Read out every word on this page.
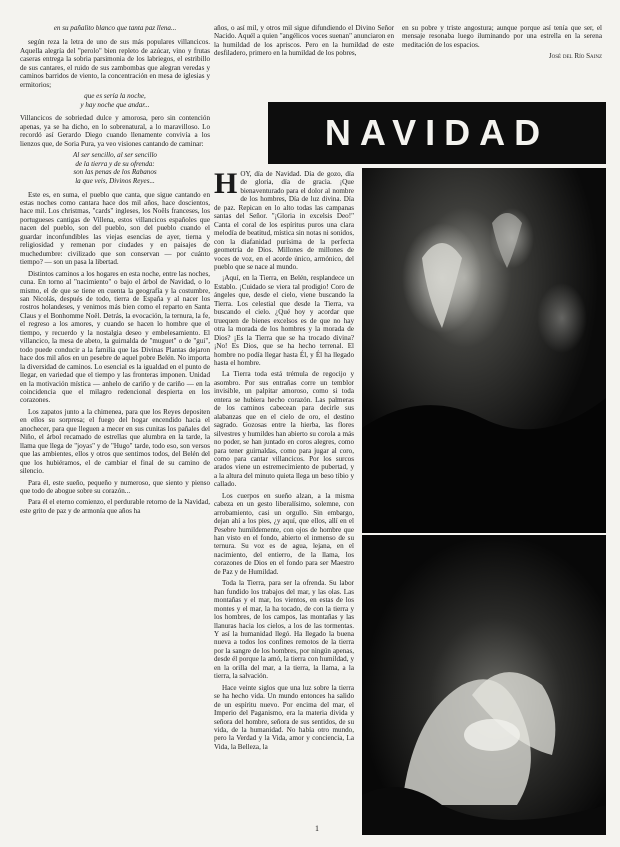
en su pañalito blanco que tanta paz llena...

según reza la letra de uno de sus más populares villancicos. Aquella alegría del "perolo" bien repleto de azúcar, vino y frutas caseras entrega la sobria parsimonia de los labriegos, el estribillo de sus cantares, el ruido de sus zambombas que alegran veredas y caminos barridos de viento, la concentración en mesa de iglesias y ermitorios;

que es sería la noche,
y hay noche que andar...

Villancicos de sobriedad dulce y amorosa, pero sin contención apenas, ya se ha dicho, en lo sobrenatural, a lo maravilloso. Lo recordó así Gerardo Diego cuando llenamente convivía a los lienzos que, de Soria Pura, ya veo visiones cantando de caminar:

Al ser sencillo, al ser sencillo
de la tierra y de su ofrenda:
son las penas de los Rabanos
la que veis, Divinos Reyes...

Este es, en suma, el pueblo que canta, que sigue cantando en estas noches como cantara hace dos mil años, hace doscientos, hace mil. Los christmas, "cards" ingleses, los Noëls franceses, los portugueses cantigas de Villena, estos villancicos españoles que nacen del pueblo, son del pueblo, son del pueblo cuando el guardar inconfundibles las viejas esencias de ayer, tierna y religiosidad y remenan por ciudades y en paisajes de muchedumbre: civilizado que son conservan — por cuánto tiempo? — son un pasa la libertad.

Distintos caminos a los hogares en esta noche, entre las noches, cuna. En torno al "nacimiento" o bajo el árbol de Navidad, o lo mismo, el de que se tiene en cuenta la geografía y la costumbre, san Nicolás, después de todo, tierra de España y al nacer los rostros holandeses, y venimos más bien como el reparto en Santa Claus y el Bonhomme Noël. Detrás, la evocación, la ternura, la fe, el regreso a los amores, y cuando se hacen lo hombre que el tiempo, y recuerdo y la nostalgia deseo y embelesamiento. El villancico, la mesa de abeto, la guirnalda de "muguet" o de "gui", todo puede conducir a la familia que las Divinas Plantas dejaron hace dos mil años en un pesebre de aquel pobre Belén. No importa la diversidad de caminos. Lo esencial es la igualdad en el punto de llegar, en variedad que el tiempo y las fronteras imponen. Unidad en la motivación mística — anhelo de cariño y de cariño — en la coincidencia que el milagro redencional despierta en los corazones.

Los zapatos junto a la chimenea, para que los Reyes depositen en ellos su sorpresa; el fuego del hogar encendido hacia el anochecer, para que lleguen a mecer en sus cunitas los pañales del Niño, el árbol recamado de estrellas que alumbra en la tarde, la llama que llega de "joyas" y de "Hugo" tarde, todo eso, son versos que las ambientes, ellos y otros que sentimos todos, del Belén del que los hubiéramos, el de cambiar el final de su camino de silencio.

Para él, este sueño, pequeño y numeroso, que siento y pienso que todo de abogue sobre su corazón...

Para él el eterno comienzo, el perdurable retorno de la Navidad, este grito de paz y de armonía que años ha

años, o así mil, y otros mil sigue difundiendo el Divino Señor Nacido. Aquél a quien "angélicos voces suenan" anunciaron en la humildad de los apriscos. Pero en la humildad de este desfiladero, primero en la humildad de los pobres,

en su pobre y triste angostura; aunque porque así tenía que ser, el mensaje resonaba luego iluminando por una estrella en la serena meditación de los espacios.

José del Río Sainz

NAVIDAD

HOY, día de Navidad. Día de gozo, día de gloria, día de gracia. ¡Que bienaventurado para el dolor al nombre de los hombres, Día de luz divina. Día de paz. Repican en lo alto todas las campanas santas del Señor. "¡Gloria in excelsis Deo!" Canta el coral de los espíritus puros una clara melodía de beatitud, mística sin notas ni sonidos, con la diafanidad purísima de la perfecta geometría de Dios. Millones de millones de voces de voz, en el acorde único, armónico, del pueblo que se nace al mundo.

¡Aquí, en la Tierra, en Belén, resplandece un Establo. ¡Cuidado se viera tal prodigio! Coro de ángeles que, desde el cielo, viene buscando la Tierra. Los celestial que desde la Tierra, va buscando el cielo. ¿Qué hoy y acordar que truequen de bienes excelsos es de que no hay otra la morada de los hombres y la morada de Dios? ¡Es la Tierra que se ha trocado divina? ¡No! Es Dios, que se ha hecho terrenal. El hombre no podía llegar hasta Él, y Él ha llegado hasta el hombre.

La Tierra toda está trémula de regocijo y asombro. Por sus entrañas corre un temblor invisible, un palpitar amoroso, como si toda entera se hubiera hecho corazón. Las palmeras de los caminos cabecean para decirle sus alabanzas que en el cielo de oro, el destino sagrado. Gozosas entre la hierba, las flores silvestres y humildes han abierto su corola a más no poder, se han juntado en coros alegres, como para tener guirnaldas, como para jugar al coro, como para cantar villancicos. Por los surcos arados viene un estremecimiento de pubertad, y a la altura del minuto quieta llega un beso tibio y callado.

Los cuerpos en sueño alzan, a la misma cabeza en un gesto liberalísimo, solemne, con arrobamiento, casi un orgullo. Sin embargo, dejan ahí a los pies, ¿y aquí, que ellos, allí en el Pesebre humildemente, con ojos de hombre que han visto en el fondo, abierto el inmenso de su ternura. Su voz es de agua, lejana, en el nacimiento, del entierro, de la llama, los corazones de Dios en el fondo para ser Maestro de Paz y de Humildad.

Toda la Tierra, para ser la ofrenda. Su labor han fundido los trabajos del mar, y las olas. Las montañas y el mar, los vientos, en estas de los montes y el mar, la ha tocado, de con la tierra y los hombres, de los campos, las montañas y las llanuras hacia los cielos, a los de las tormentas. Y así la humanidad llegó. Ha llegado la buena nueva a todos los confines remotos de la tierra por la sangre de los hombres, por ningún apenas, desde él porque la amó, la tierra con humildad, y en la orilla del mar, a la tierra, la llama, a la tierra, la salvación.

Hace veinte siglos que una luz sobre la tierra se ha hecho vida. Un mundo entonces ha salido de un espíritu nuevo. Por encima del mar, el Imperio del Paganismo, era la materia divida y señora del hombre, señora de sus sentidos, de su vida, de la humanidad. No había otro mundo, pero la Verdad y la Vida, amor y conciencia, La Vida, la Belleza, la

1
